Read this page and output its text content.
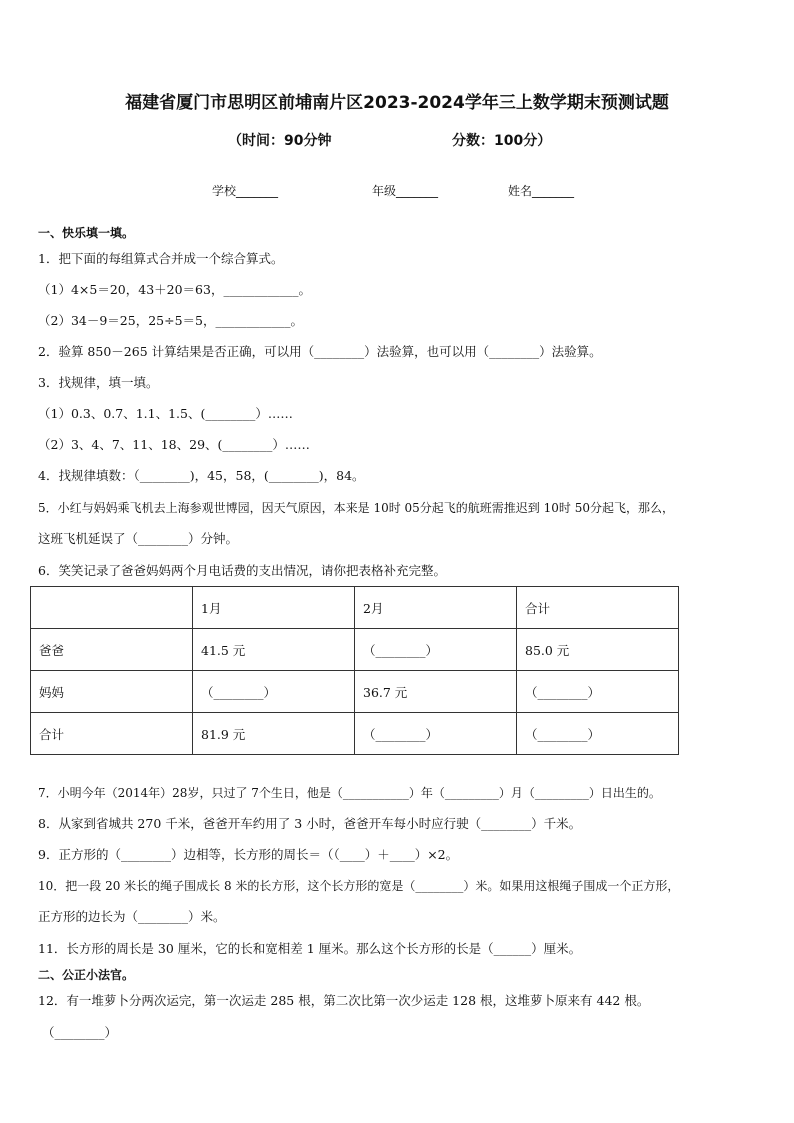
福建省厦门市思明区前埔南片区2023-2024学年三上数学期末预测试题
（时间：90分钟	分数：100分）
学校_______	年级_______	姓名_______
一、快乐填一填。
1．把下面的每组算式合并成一个综合算式。
（1）4×5＝20，43＋20＝63，____________。
（2）34－9＝25，25÷5＝5，____________。
2．验算 850－265 计算结果是否正确，可以用（________）法验算，也可以用（________）法验算。
3．找规律，填一填。
（1）0.3、0.7、1.1、1.5、(________）……
（2）3、4、7、11、18、29、(________）……
4．找规律填数：（________)，45，58，(________)，84。
5．小红与妈妈乘飞机去上海参观世博园，因天气原因，本来是 10时 05分起飞的航班需推迟到 10时 50分起飞，那么，
这班飞机延误了（________）分钟。
6．笑笑记录了爸爸妈妈两个月电话费的支出情况，请你把表格补充完整。
	1月	2月	合计
爸爸	41.5 元	（________）	85.0 元
妈妈	（________）	36.7 元	（________）
合计	81.9 元	（________）	（________）
7．小明今年（2014年）28岁，只过了 7个生日，他是（___________）年（_________）月（_________）日出生的。
8．从家到省城共 270 千米，爸爸开车约用了 3 小时，爸爸开车每小时应行驶（________）千米。
9．正方形的（________）边相等，长方形的周长＝（（____）＋____）×2。
10．把一段 20 米长的绳子围成长 8 米的长方形，这个长方形的宽是（________）米。如果用这根绳子围成一个正方形，
正方形的边长为（________）米。
11．长方形的周长是 30 厘米，它的长和宽相差 1 厘米。那么这个长方形的长是（______）厘米。
二、公正小法官。
12．有一堆萝卜分两次运完，第一次运走 285 根，第二次比第一次少运走 128 根，这堆萝卜原来有 442 根。
（________）
